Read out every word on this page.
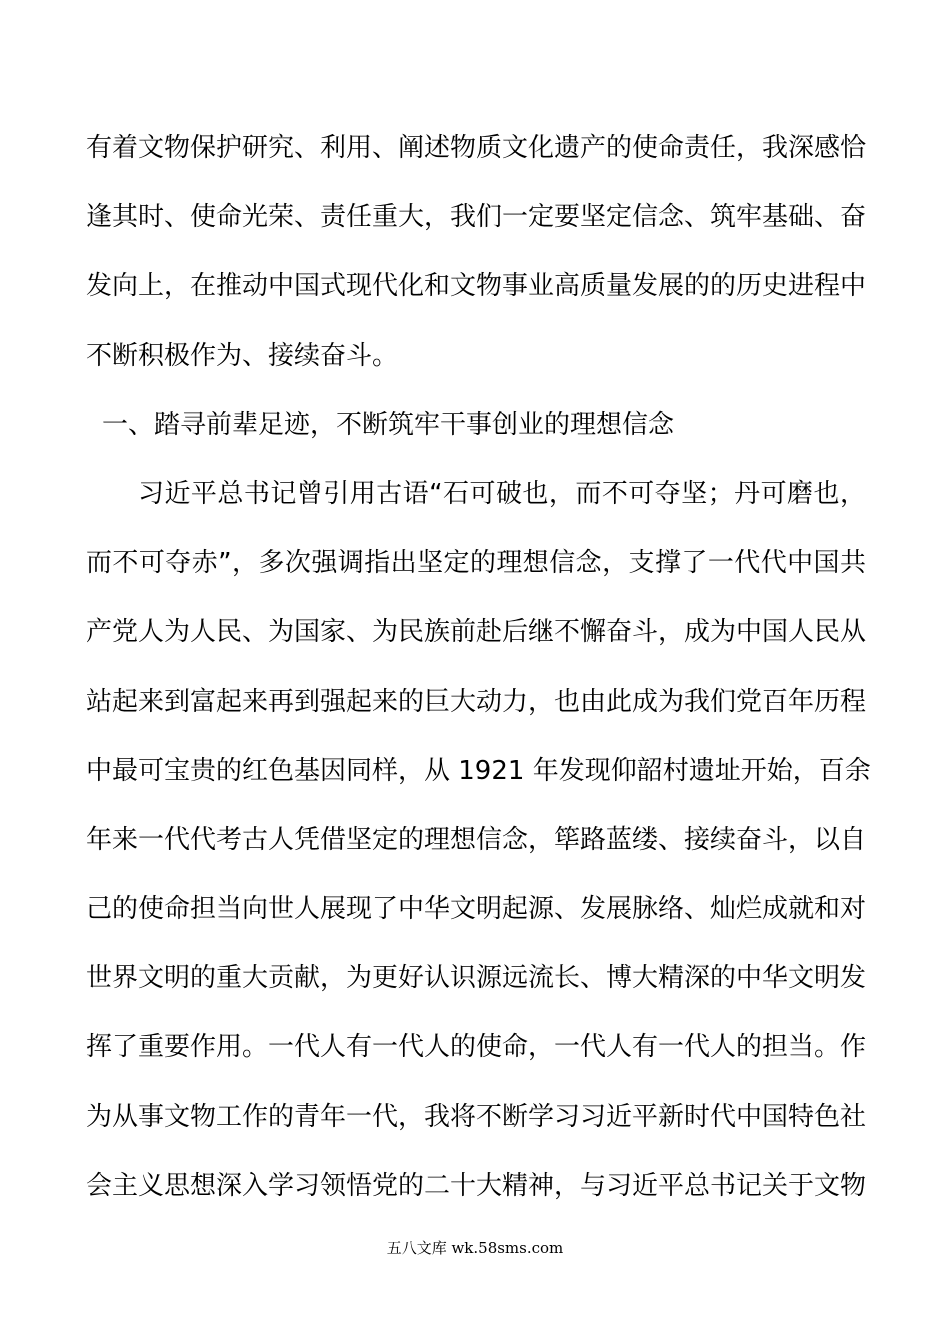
有着文物保护研究、利用、阐述物质文化遗产的使命责任，我深感恰
逢其时、使命光荣、责任重大，我们一定要坚定信念、筑牢基础、奋
发向上，在推动中国式现代化和文物事业高质量发展的的历史进程中
不断积极作为、接续奋斗。
一、踏寻前辈足迹，不断筑牢干事创业的理想信念
习近平总书记曾引用古语“石可破也，而不可夺坚；丹可磨也，
而不可夺赤”，多次强调指出坚定的理想信念，支撑了一代代中国共
产党人为人民、为国家、为民族前赴后继不懈奋斗，成为中国人民从
站起来到富起来再到强起来的巨大动力，也由此成为我们党百年历程
中最可宝贵的红色基因同样，从 1921 年发现仰韶村遗址开始，百余
年来一代代考古人凭借坚定的理想信念，筚路蓝缕、接续奋斗，以自
己的使命担当向世人展现了中华文明起源、发展脉络、灿烂成就和对
世界文明的重大贡献，为更好认识源远流长、博大精深的中华文明发
挥了重要作用。一代人有一代人的使命，一代人有一代人的担当。作
为从事文物工作的青年一代，我将不断学习习近平新时代中国特色社
会主义思想深入学习领悟党的二十大精神，与习近平总书记关于文物
五八文库 wk.58sms.com
